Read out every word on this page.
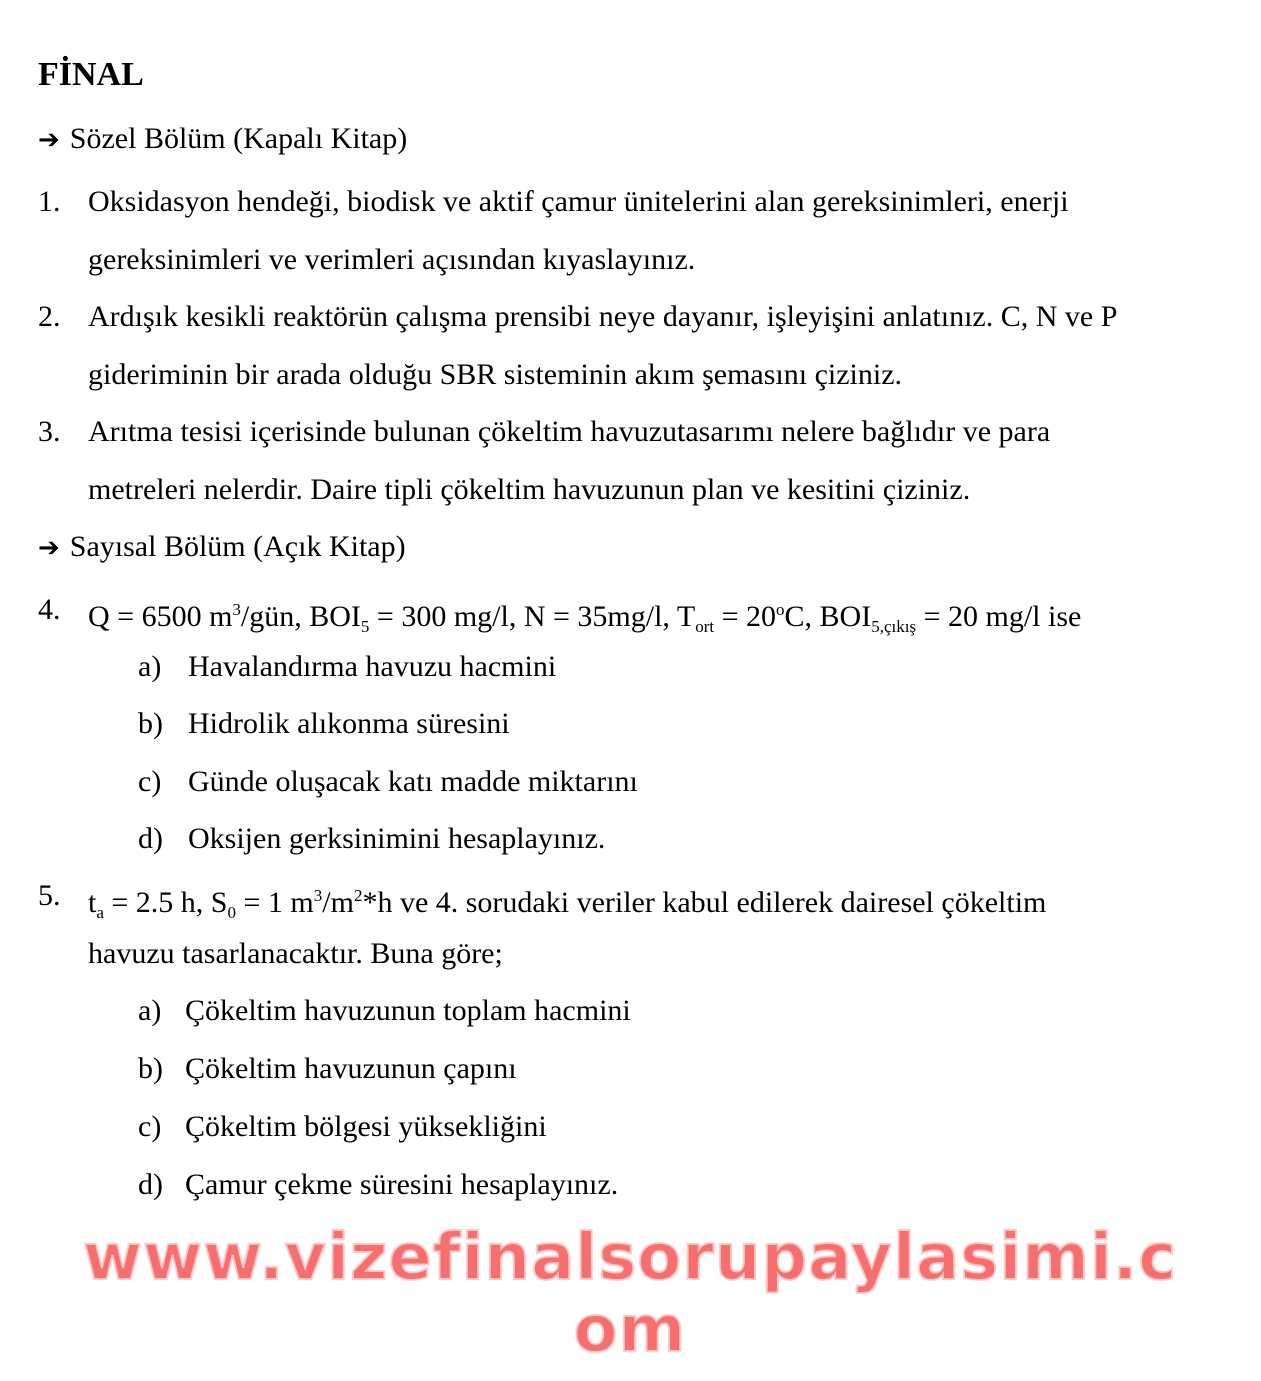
FİNAL
➔ Sözel Bölüm (Kapalı Kitap)
1. Oksidasyon hendeği, biodisk ve aktif çamur ünitelerini alan gereksinimleri, enerji
gereksinimleri ve verimleri açısından kıyaslayınız.
2. Ardışık kesikli reaktörün çalışma prensibi neye dayanır, işleyişini anlatınız. C, N ve P
gideriminin bir arada olduğu SBR sisteminin akım şemasını çiziniz.
3. Arıtma tesisi içerisinde bulunan çökeltim havuzutasarımı nelere bağlıdır ve para
metreleri nelerdir. Daire tipli çökeltim havuzunun plan ve kesitini çiziniz.
➔ Sayısal Bölüm (Açık Kitap)
4. Q = 6500 $m^3$/gün, $BOI_5 = 300$ mg/l, N = 35mg/l, $T_{ort} = 20^oC$, $BOI_{5,çıkış} = 20$ mg/l ise
a) Havalandırma havuzu hacmini
b) Hidrolik alıkonma süresini
c) Günde oluşacak katı madde miktarını
d) Oksijen gerksinimini hesaplayınız.
5. $t_a = 2.5$ h, $S_0 = 1$ $m^3/m^2*h$ ve 4. sorudaki veriler kabul edilerek dairesel çökeltim
havuzu tasarlanacaktır. Buna göre;
a) Çökeltim havuzunun toplam hacmini
b) Çökeltim havuzunun çapını
c) Çökeltim bölgesi yüksekliğini
d) Çamur çekme süresini hesaplayınız.
www.vizefinalsorupaylasimi.com
